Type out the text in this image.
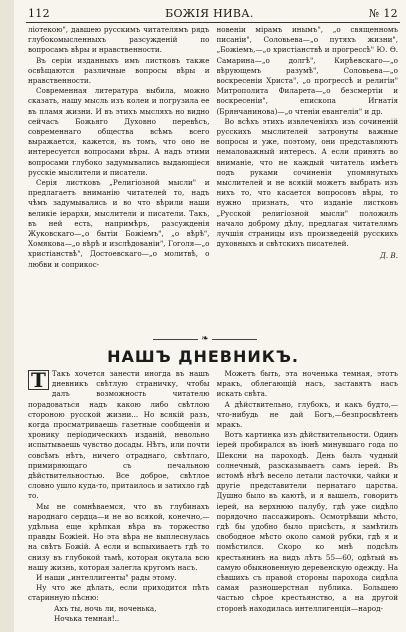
112	БОЖІЯ НИВА.	№ 12

ліотекою", давшею русскимъ читателямъ рядъ глубокомысленныхъ разсужденій по вопросамъ вѣры и нравственности.

Въ серіи изданныхъ имъ листковъ также освѣщаются различные вопросы вѣры и нравственности.

Современная литература выбила, можно сказать, нашу мысль изъ колеи и погрузила ее въ пламя жизни. И въ этихъ мысляхъ но видно сейчасъ Божьяго Духовно перевѣсъ, современнаго общества всѣмъ всего выражается, кажется, въ томъ, что оно не интересуется вопросами вѣры. А надъ этими вопросами глубоко задумывались выдающіеся русскіе мыслители и писатели.

Серія листковъ „Религіозной мысли" и предлагаетъ вниманію читателей то, надъ чѣмъ задумывались и во что вѣрили наши великіе іерархи, мыслители и писатели. Такъ, въ ней есть, напримѣръ, разсужденія Жуковскаго—„о бытіи Божіемъ", „о вѣрѣ", Хомякова—„о вѣрѣ и изслѣдованіи", Гоголя—„о христіанствѣ", Достоевскаго—„о молитвѣ, о любви и соприкос-

новеніи мірамъ инымъ", „о священномъ писаніи", Соловьева—„о путяхъ жизни", „Божіемъ,—„о христіанствѣ и прогрессѣ" Ю. Ѳ. Самарина—„о долгѣ", Кирѣевскаго—„о вѣрующемъ разумѣ", Соловьева—„о воскресеніи Христа", „о прогрессѣ и религіи" Митрополита Филарета—„о безсмертіи и воскресеніи", епископа Игнатія (Брянчанинова)—„о чтеніи евангелія" и др.

Во всѣхъ этихъ извлеченіяхъ изъ сочиненій русскихъ мыслителей затронуты важные вопросы и уже, поэтому, они представляютъ немаловажный интересъ. А если принять во вниманіе, что не каждый читатель имѣетъ подъ руками сочиненія упомянутыхъ мыслителей и не всякій можетъ выбрать изъ нихъ то, что касается вопросовъ вѣры, то нужно признать, что изданіе листковъ „Русской религіозной мысли" положилъ начало доброму дѣлу, предлагая читателямъ лучшія страницы изъ произведеній русскихъ духовныхъ и свѣтскихъ писателей.

Д. В.
❧
НАШЪ ДНЕВНИКЪ.

Т Такъ хочется занести иногда въ нашъ дневникъ свѣтлую страничку, чтобы далъ возможность читателю порадоваться надъ какою либо свѣтлою стороною русской жизни... Но всякій разъ, когда просматриваешь газетные сообщенія и хронику періодическихъ изданій, невольно испытываешь чувство досады. Нѣтъ, или почти совсѣмъ нѣтъ, ничего отраднаго, свѣтлаго, примиряющаго съ печальною дѣйствительностью. Все доброе, свѣтлое словно ушло куда-то, притаилось и затихло гдѣ то.

Мы не сомнѣваемся, что въ глубинахъ народнаго сердца—и не во всякой, конечно,—удѣльна еще крѣпкая вѣра въ торжество правды Божіей. Но эта вѣра не выплеснулась на свѣтъ Божій. А если и вспыхиваетъ гдѣ то снизу въ глубокой тьмѣ, которая окутала всю нашу жизнь, которая залегла кругомъ насъ.

И наши „интеллигенты" рады этому.

Ну что же дѣлать, если приходится пѣть старинную пѣсню:

Ахъ ты, ночь ли, ноченька,

Ночька темная!..

Можетъ быть, эта ноченька темная, этотъ мракъ, облегающій насъ, заставятъ насъ искать свѣта.

А дѣйствительно, глубокъ, и какъ будто,—что-нибудь не дай Богъ,—безпросвѣтенъ мракъ.

Вотъ картинка изъ дѣйствительности. Одинъ іерей пробирался въ іюнѣ минувшаго года по Шексни на пароходѣ. День былъ чудный солнечный, разсказываетъ самъ іерей. Въ истомѣ нѣгѣ весело летали ласточки, чайки и другіе представители пернатаго царства. Душно было въ каютѣ, и я вышелъ, говоритъ іерей, на верхнюю палубу, гдѣ уже сидѣло порядочно пассажировъ. Осмотрѣвши мѣсто, гдѣ бы удобно было присѣсть, я замѣтилъ свободное мѣсто около самой рубки, гдѣ я и помѣстился. Скоро ко мнѣ подсѣлъ крестьянинъ на видъ лѣтъ 55—60, одѣтый въ самую обыкновенную деревенскую одежду. На сѣвшихъ съ правой стороны парохода сидѣла самая разношерстная публика. Большею частью сѣрое крестьянство, а на другой сторонѣ находилась интеллигенція—народ-
